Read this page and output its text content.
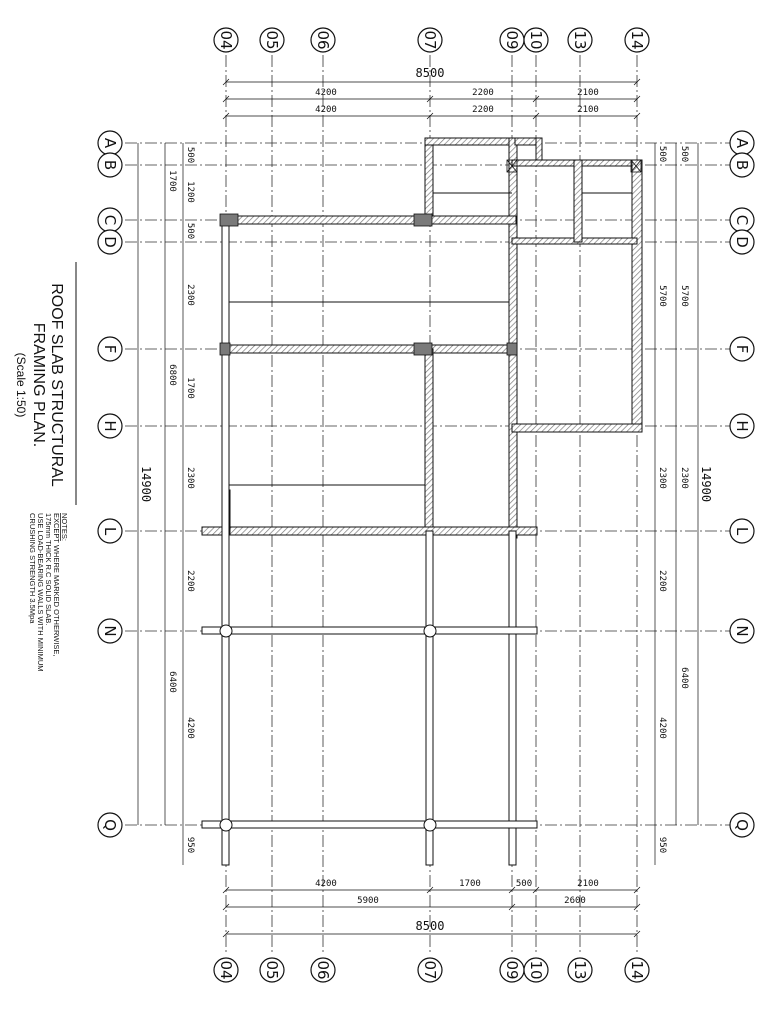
04 05 06	07	09 10 13	14
04 05 06	07	09 10 13	14
A
B
C
D
F
H
L
N
Q
A
B
C
D
F
H
L
N
Q
8500
4200	2200	2100
4200	2200	2100
4200	1700	500	2100
5900	2600
8500
500
1200
500
2300
1700
2300
2200
4200
950
1700
6800
6400
14900
500
5700
2300
2200
4200
950
500
5700
2300
6400
14900
ROOF SLAB STRUCTURAL
FRAMING PLAN.
(Scale 1:50)
NOTES:
EXCEPT WHERE MARKED OTHERWISE,
175mm THICK R.C SOLID SLAB.
USE LOAD-BEARING WALLS WITH MINIMUM
CRUSHING STRENGTH 3.5Mpa
